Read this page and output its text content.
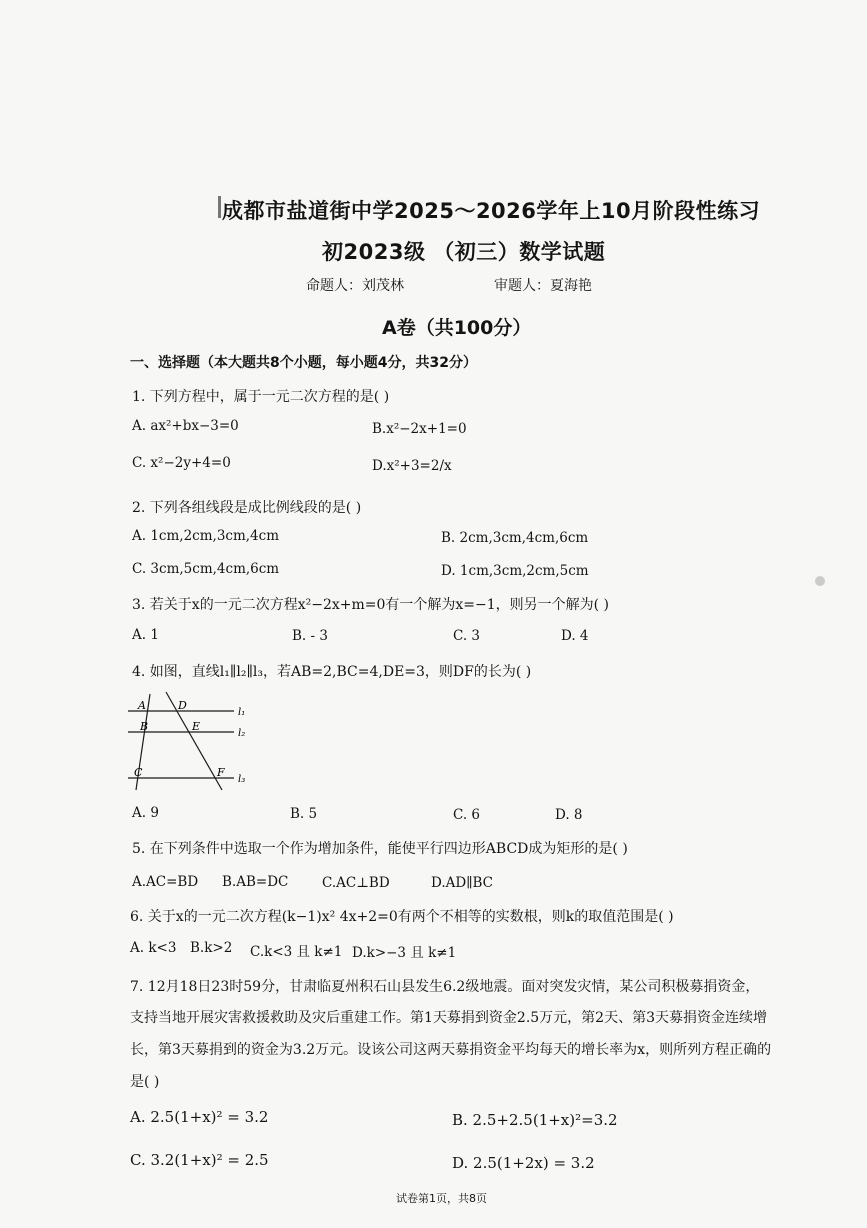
成都市盐道街中学2025～2026学年上10月阶段性练习
初2023级 （初三）数学试题
命题人：刘茂林	审题人：夏海艳
A卷（共100分）
一、选择题（本大题共8个小题，每小题4分，共32分）
1. 下列方程中，属于一元二次方程的是( )
A. ax²+bx−3=0	B.x²−2x+1=0
C. x²−2y+4=0	D.x²+3=2/x
2. 下列各组线段是成比例线段的是( )
A. 1cm,2cm,3cm,4cm	B. 2cm,3cm,4cm,6cm
C. 3cm,5cm,4cm,6cm	D. 1cm,3cm,2cm,5cm
3. 若关于x的一元二次方程x²−2x+m=0有一个解为x=−1，则另一个解为( )
A. 1	B. - 3	C. 3	D. 4
4. 如图，直线l₁∥l₂∥l₃，若AB=2,BC=4,DE=3，则DF的长为( )
A	D
B	E
C	F
l₁
l₂
l₃
A. 9	B. 5	C. 6	D. 8
5. 在下列条件中选取一个作为增加条件，能使平行四边形ABCD成为矩形的是( )
A.AC=BD B.AB=DC C.AC⊥BD	D.AD∥BC
6. 关于x的一元二次方程(k−1)x² 4x+2=0有两个不相等的实数根，则k的取值范围是( )
A. k<3 B.k>2 C.k<3 且 k≠1 D.k>−3 且 k≠1
7. 12月18日23时59分，甘肃临夏州积石山县发生6.2级地震。面对突发灾情，某公司积极募捐资金，
支持当地开展灾害救援救助及灾后重建工作。第1天募捐到资金2.5万元，第2天、第3天募捐资金连续增
长，第3天募捐到的资金为3.2万元。设该公司这两天募捐资金平均每天的增长率为x，则所列方程正确的
是( )
A. 2.5(1+x)² = 3.2	B. 2.5+2.5(1+x)²=3.2
C. 3.2(1+x)² = 2.5	D. 2.5(1+2x) = 3.2
试卷第1页，共8页
